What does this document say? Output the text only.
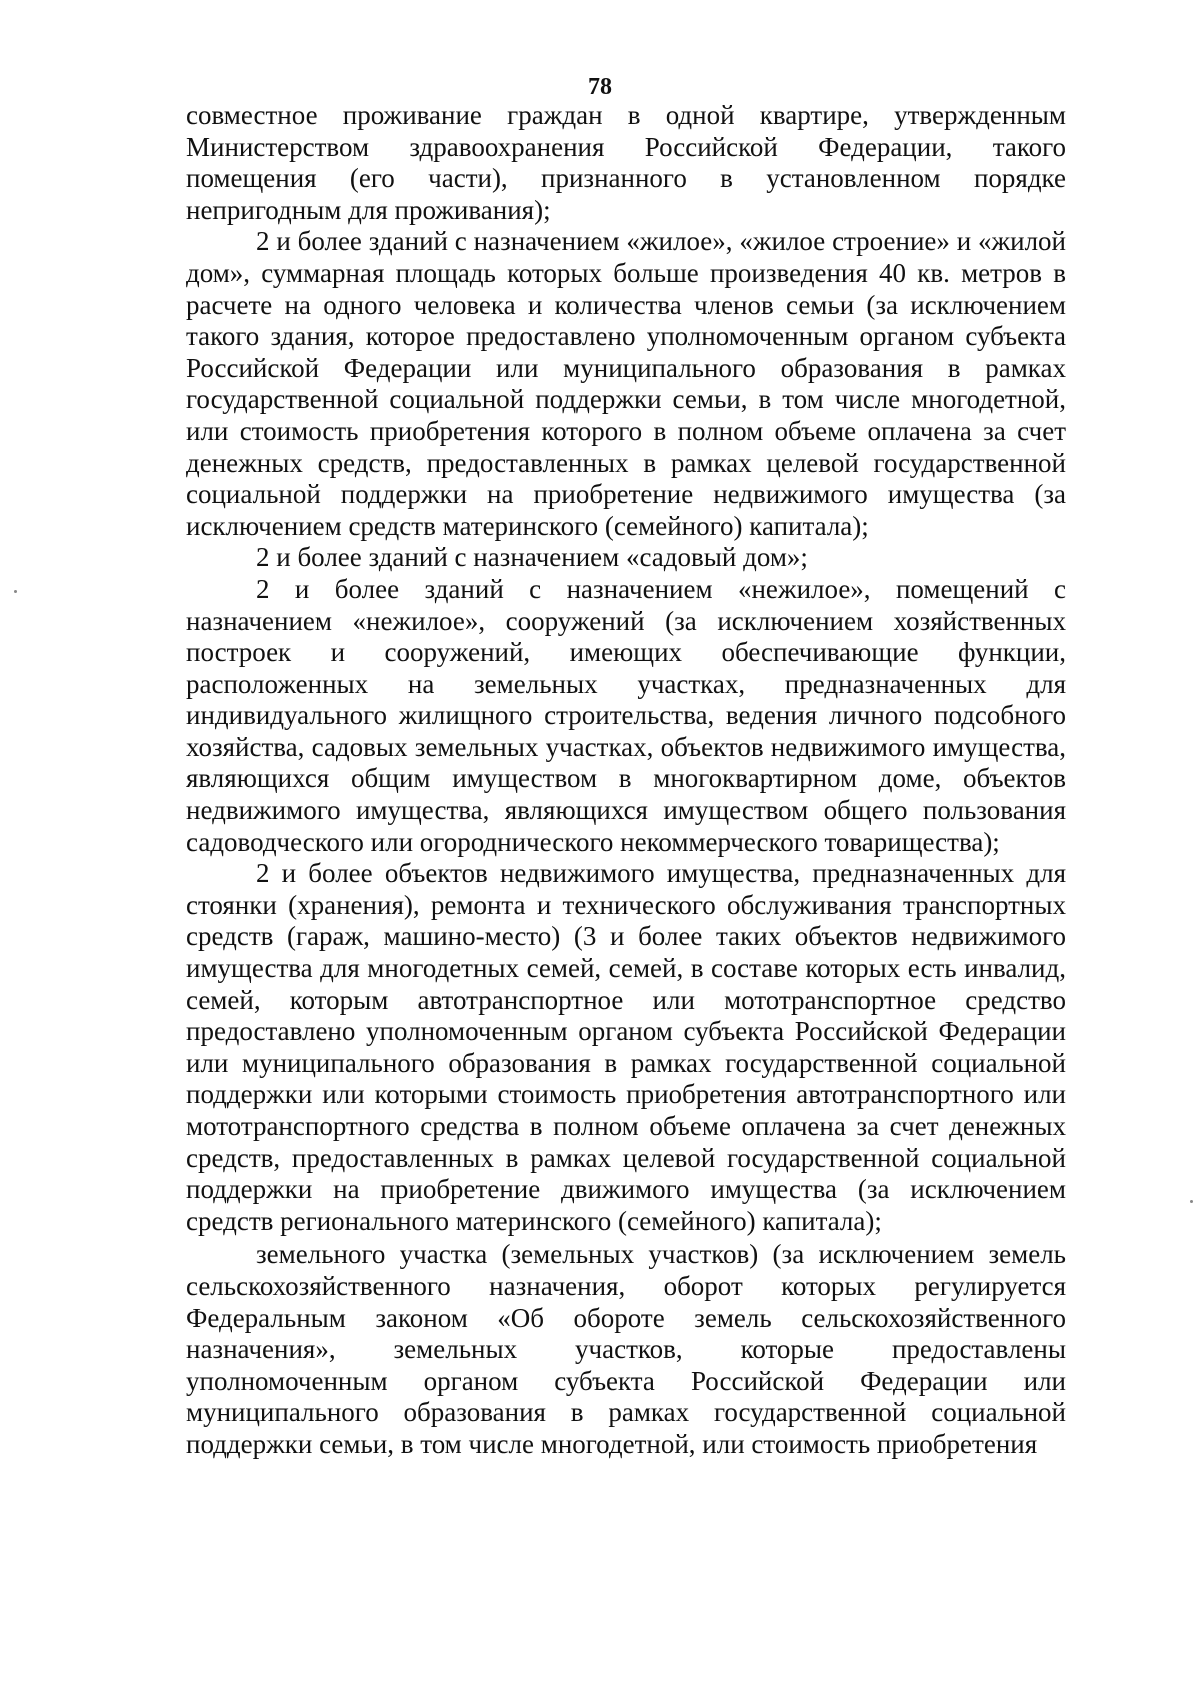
78

совместное проживание граждан в одной квартире, утвержденным Министерством здравоохранения Российской Федерации, такого помещения (его части), признанного в установленном порядке непригодным для проживания);

2 и более зданий с назначением «жилое», «жилое строение» и «жилой дом», суммарная площадь которых больше произведения 40 кв. метров в расчете на одного человека и количества членов семьи (за исключением такого здания, которое предоставлено уполномоченным органом субъекта Российской Федерации или муниципального образования в рамках государственной социальной поддержки семьи, в том числе многодетной, или стоимость приобретения которого в полном объеме оплачена за счет денежных средств, предоставленных в рамках целевой государственной социальной поддержки на приобретение недвижимого имущества (за исключением средств материнского (семейного) капитала);

2 и более зданий с назначением «садовый дом»;

2 и более зданий с назначением «нежилое», помещений с назначением «нежилое», сооружений (за исключением хозяйственных построек и сооружений, имеющих обеспечивающие функции, расположенных на земельных участках, предназначенных для индивидуального жилищного строительства, ведения личного подсобного хозяйства, садовых земельных участках, объектов недвижимого имущества, являющихся общим имуществом в многоквартирном доме, объектов недвижимого имущества, являющихся имуществом общего пользования садоводческого или огороднического некоммерческого товарищества);

2 и более объектов недвижимого имущества, предназначенных для стоянки (хранения), ремонта и технического обслуживания транспортных средств (гараж, машино-место) (3 и более таких объектов недвижимого имущества для многодетных семей, семей, в составе которых есть инвалид, семей, которым автотранспортное или мототранспортное средство предоставлено уполномоченным органом субъекта Российской Федерации или муниципального образования в рамках государственной социальной поддержки или которыми стоимость приобретения автотранспортного или мототранспортного средства в полном объеме оплачена за счет денежных средств, предоставленных в рамках целевой государственной социальной поддержки на приобретение движимого имущества (за исключением средств регионального материнского (семейного) капитала);

земельного участка (земельных участков) (за исключением земель сельскохозяйственного назначения, оборот которых регулируется Федеральным законом «Об обороте земель сельскохозяйственного назначения», земельных участков, которые предоставлены уполномоченным органом субъекта Российской Федерации или муниципального образования в рамках государственной социальной поддержки семьи, в том числе многодетной, или стоимость приобретения
